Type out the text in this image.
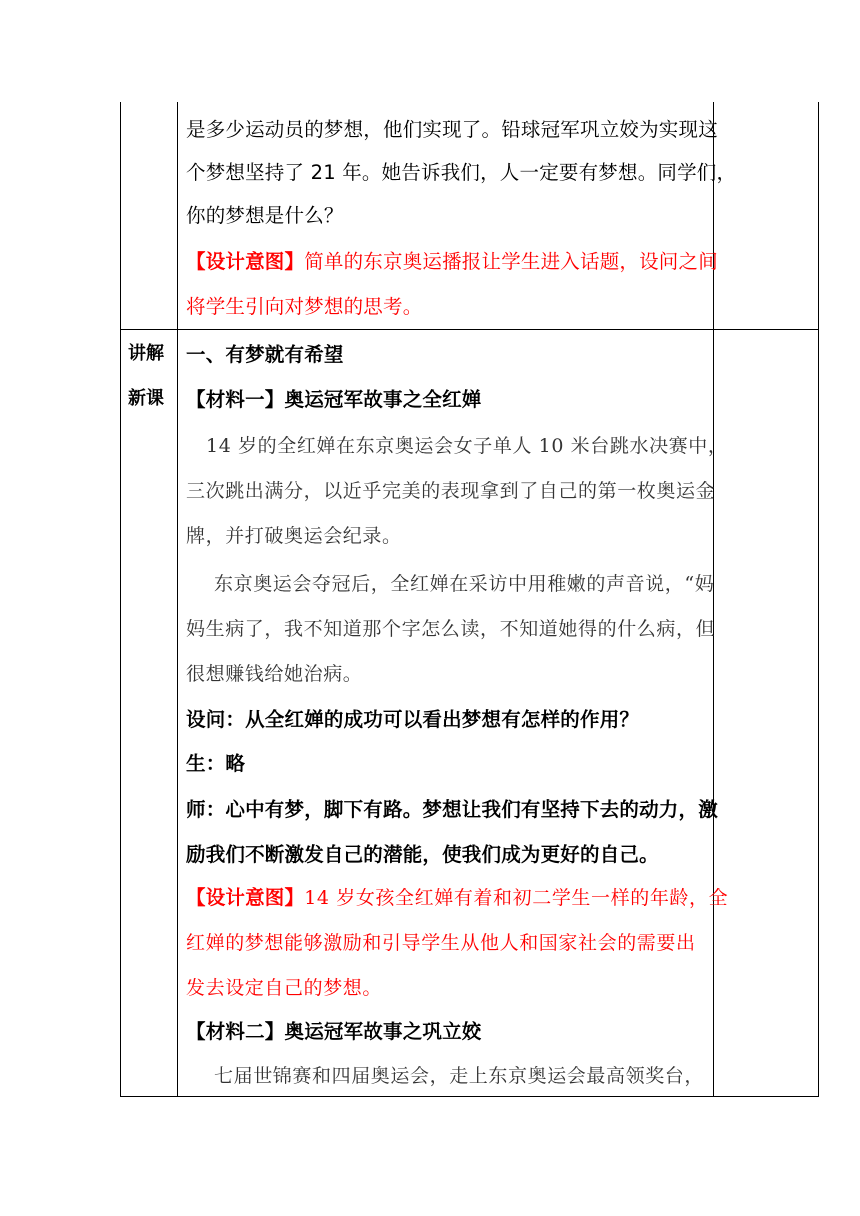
讲解
新课
是多少运动员的梦想，他们实现了。铅球冠军巩立姣为实现这
个梦想坚持了 21 年。她告诉我们，人一定要有梦想。同学们，
你的梦想是什么？
【设计意图】简单的东京奥运播报让学生进入话题，设问之间
将学生引向对梦想的思考。
一、有梦就有希望
【材料一】奥运冠军故事之全红婵
14 岁的全红婵在东京奥运会女子单人 10 米台跳水决赛中，
三次跳出满分，以近乎完美的表现拿到了自己的第一枚奥运金
牌，并打破奥运会纪录。
东京奥运会夺冠后，全红婵在采访中用稚嫩的声音说，“妈
妈生病了，我不知道那个字怎么读，不知道她得的什么病，但
很想赚钱给她治病。
设问：从全红婵的成功可以看出梦想有怎样的作用？
生：略
师：心中有梦，脚下有路。梦想让我们有坚持下去的动力，激
励我们不断激发自己的潜能，使我们成为更好的自己。
【设计意图】14 岁女孩全红婵有着和初二学生一样的年龄，全
红婵的梦想能够激励和引导学生从他人和国家社会的需要出
发去设定自己的梦想。
【材料二】奥运冠军故事之巩立姣
七届世锦赛和四届奥运会，走上东京奥运会最高领奖台，
